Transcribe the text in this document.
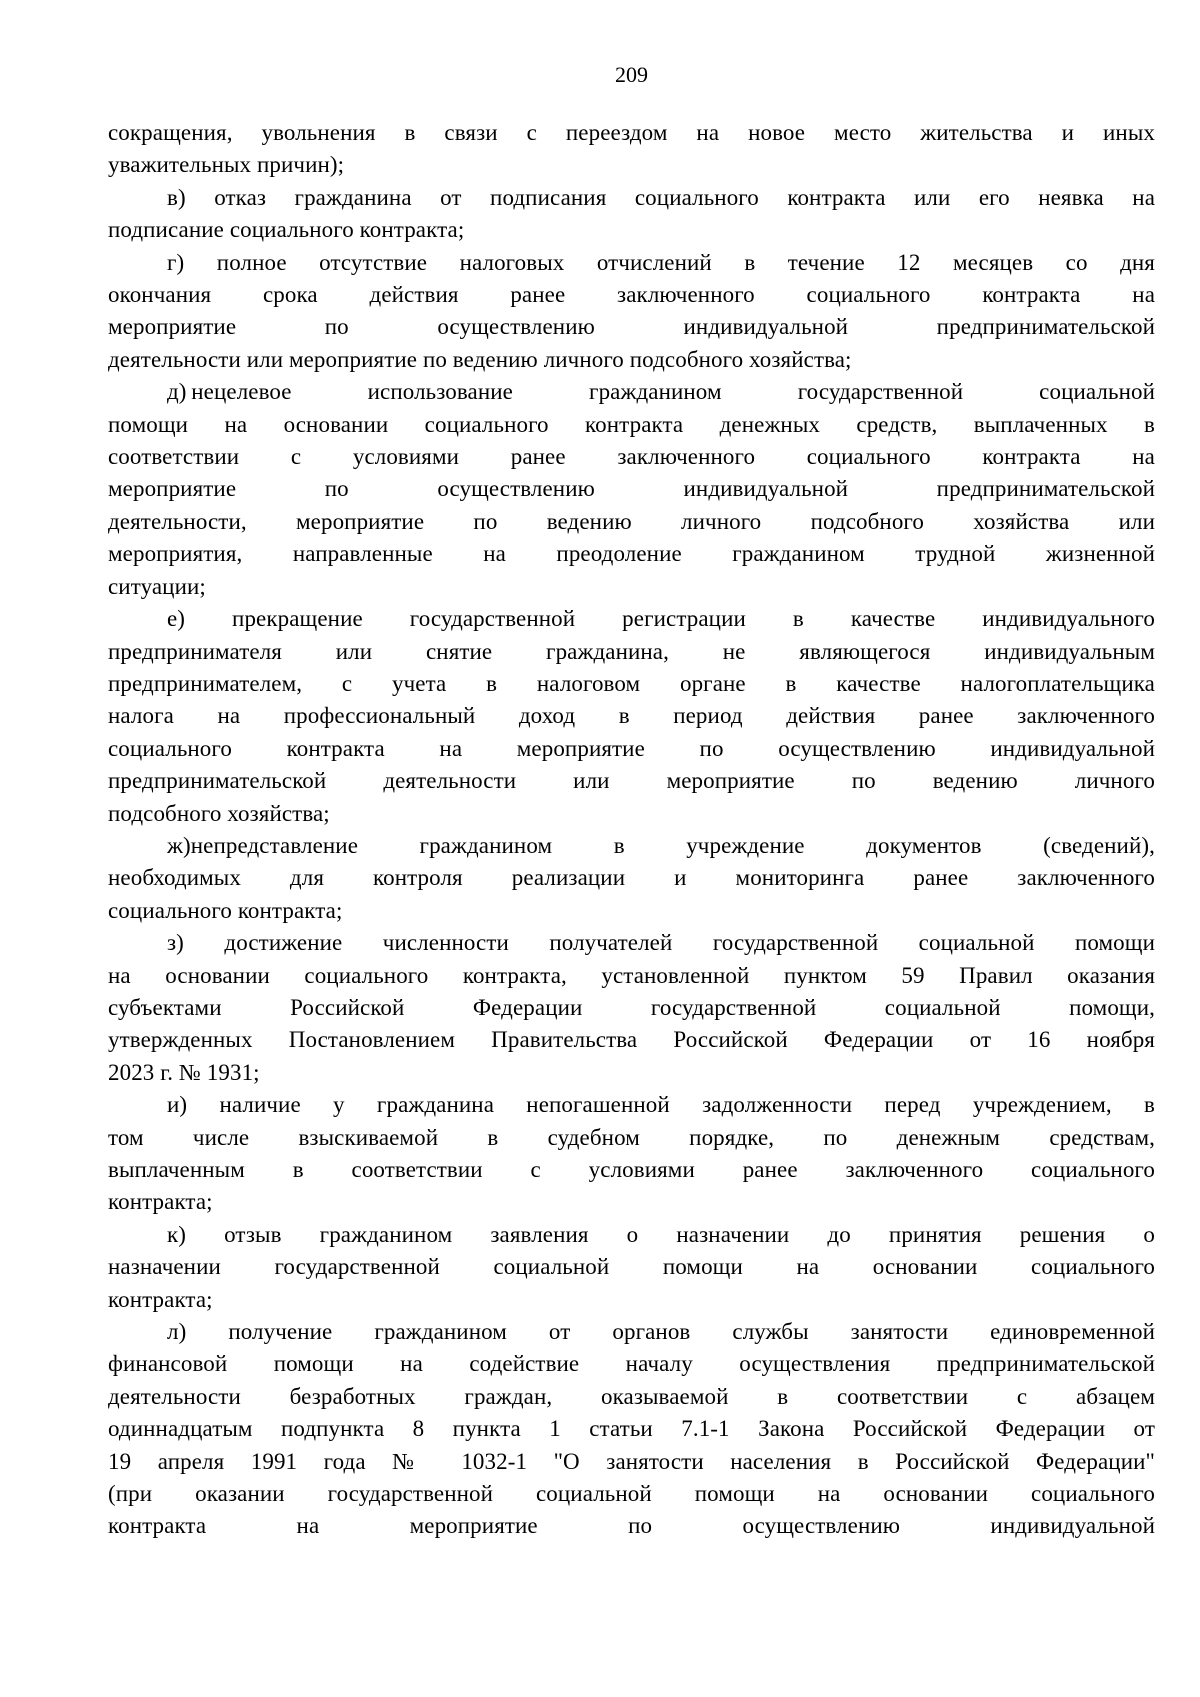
209
сокращения, увольнения в связи с переездом на новое место жительства и иных
уважительных причин);
в) отказ гражданина от подписания социального контракта или его неявка на
подписание социального контракта;
г) полное отсутствие налоговых отчислений в течение 12 месяцев со дня
окончания срока действия ранее заключенного социального контракта на
мероприятие по осуществлению индивидуальной предпринимательской
деятельности или мероприятие по ведению личного подсобного хозяйства;
д) нецелевое использование гражданином государственной социальной
помощи на основании социального контракта денежных средств, выплаченных в
соответствии с условиями ранее заключенного социального контракта на
мероприятие по осуществлению индивидуальной предпринимательской
деятельности, мероприятие по ведению личного подсобного хозяйства или
мероприятия, направленные на преодоление гражданином трудной жизненной
ситуации;
е) прекращение государственной регистрации в качестве индивидуального
предпринимателя или снятие гражданина, не являющегося индивидуальным
предпринимателем, с учета в налоговом органе в качестве налогоплательщика
налога на профессиональный доход в период действия ранее заключенного
социального контракта на мероприятие по осуществлению индивидуальной
предпринимательской деятельности или мероприятие по ведению личного
подсобного хозяйства;
ж)непредставление гражданином в учреждение документов (сведений),
необходимых для контроля реализации и мониторинга ранее заключенного
социального контракта;
з) достижение численности получателей государственной социальной помощи
на основании социального контракта, установленной пунктом 59 Правил оказания
субъектами Российской Федерации государственной социальной помощи,
утвержденных Постановлением Правительства Российской Федерации от 16 ноября
2023 г. № 1931;
и) наличие у гражданина непогашенной задолженности перед учреждением, в
том числе взыскиваемой в судебном порядке, по денежным средствам,
выплаченным в соответствии с условиями ранее заключенного социального
контракта;
к) отзыв гражданином заявления о назначении до принятия решения о
назначении государственной социальной помощи на основании социального
контракта;
л) получение гражданином от органов службы занятости единовременной
финансовой помощи на содействие началу осуществления предпринимательской
деятельности безработных граждан, оказываемой в соответствии с абзацем
одиннадцатым подпункта 8 пункта 1 статьи 7.1-1 Закона Российской Федерации от
19 апреля 1991 года № 1032-1 "О занятости населения в Российской Федерации"
(при оказании государственной социальной помощи на основании социального
контракта на мероприятие по осуществлению индивидуальной
